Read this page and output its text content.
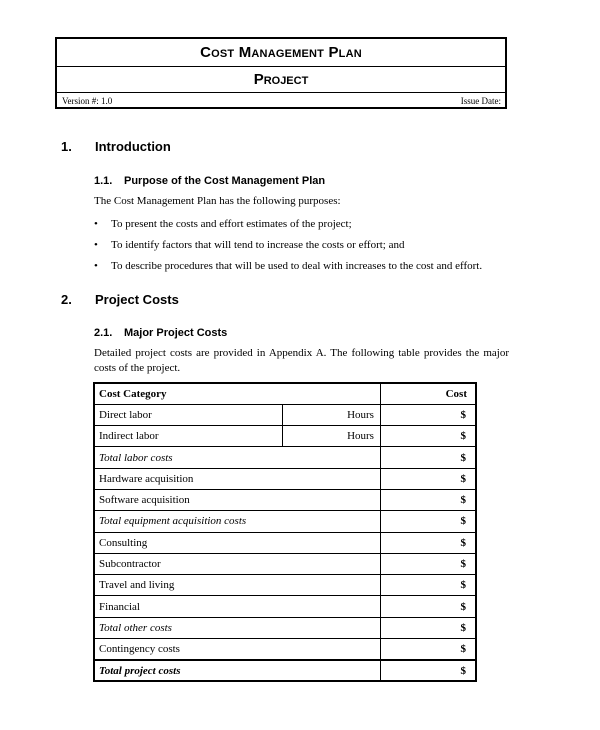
Cost Management Plan
Project
Version #: 1.0	Issue Date:
1. Introduction
1.1. Purpose of the Cost Management Plan
The Cost Management Plan has the following purposes:
• To present the costs and effort estimates of the project;
• To identify factors that will tend to increase the costs or effort; and
• To describe procedures that will be used to deal with increases to the cost and effort.
2. Project Costs
2.1. Major Project Costs
Detailed project costs are provided in Appendix A. The following table provides the major costs of the project.
Cost Category		Cost
Direct labor	Hours	$
Indirect labor	Hours	$
Total labor costs		$
Hardware acquisition		$
Software acquisition		$
Total equipment acquisition costs		$
Consulting		$
Subcontractor		$
Travel and living		$
Financial		$
Total other costs		$
Contingency costs		$
Total project costs		$
